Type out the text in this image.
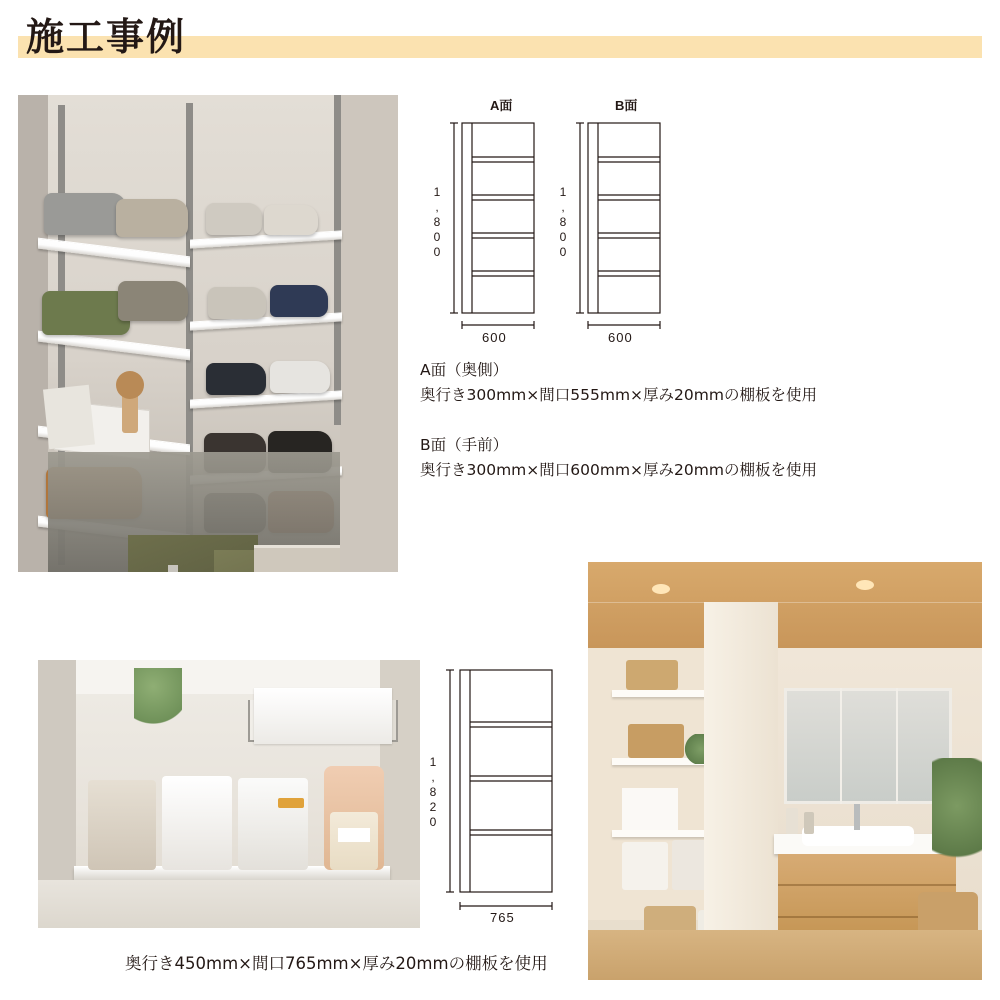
施工事例
A面	B面
1,800
600
1,800
600
A面（奥側）
奥行き300mm×間口555mm×厚み20mmの棚板を使用
B面（手前）
奥行き300mm×間口600mm×厚み20mmの棚板を使用
1,820
765
奥行き450mm×間口765mm×厚み20mmの棚板を使用
